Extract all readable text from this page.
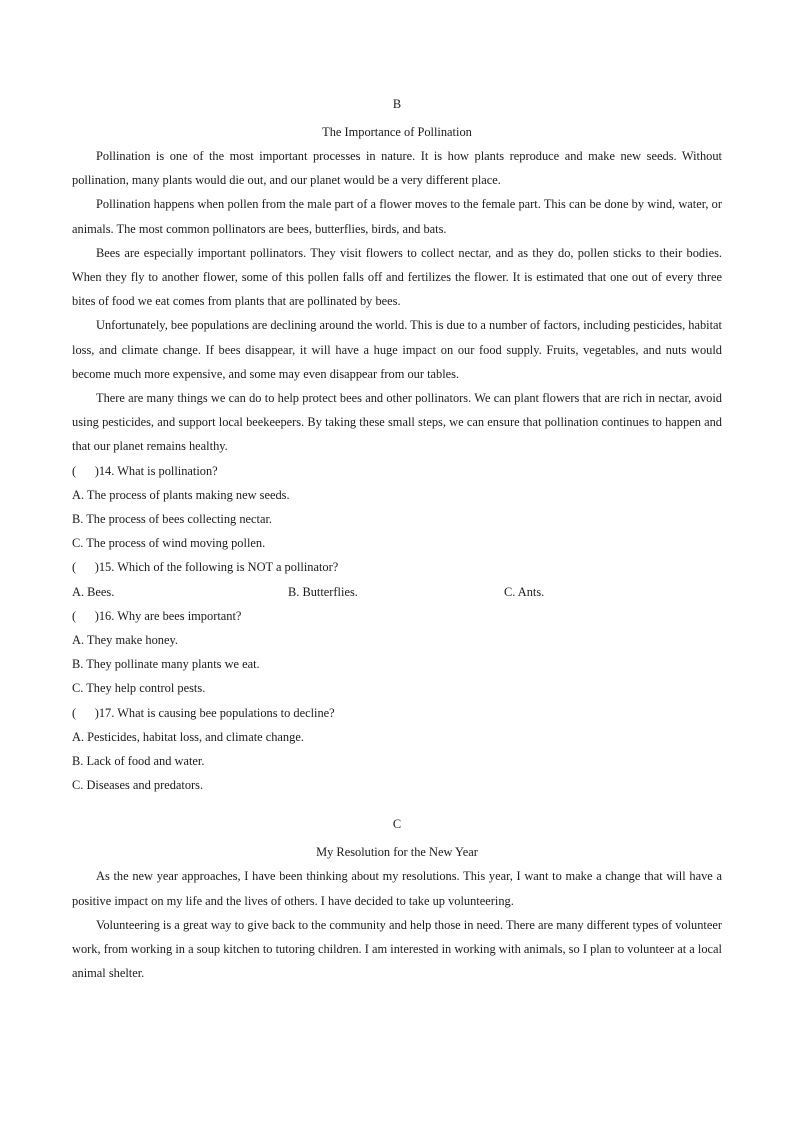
B

The Importance of Pollination

Pollination is one of the most important processes in nature. It is how plants reproduce and make new seeds. Without pollination, many plants would die out, and our planet would be a very different place.

Pollination happens when pollen from the male part of a flower moves to the female part. This can be done by wind, water, or animals. The most common pollinators are bees, butterflies, birds, and bats.

Bees are especially important pollinators. They visit flowers to collect nectar, and as they do, pollen sticks to their bodies. When they fly to another flower, some of this pollen falls off and fertilizes the flower. It is estimated that one out of every three bites of food we eat comes from plants that are pollinated by bees.

Unfortunately, bee populations are declining around the world. This is due to a number of factors, including pesticides, habitat loss, and climate change. If bees disappear, it will have a huge impact on our food supply. Fruits, vegetables, and nuts would become much more expensive, and some may even disappear from our tables.

There are many things we can do to help protect bees and other pollinators. We can plant flowers that are rich in nectar, avoid using pesticides, and support local beekeepers. By taking these small steps, we can ensure that pollination continues to happen and that our planet remains healthy.

(      )14. What is pollination?

A. The process of plants making new seeds.

B. The process of bees collecting nectar.

C. The process of wind moving pollen.

(      )15. Which of the following is NOT a pollinator?

A. Bees.	B. Butterflies.	C. Ants.

(      )16. Why are bees important?

A. They make honey.

B. They pollinate many plants we eat.

C. They help control pests.

(      )17. What is causing bee populations to decline?

A. Pesticides, habitat loss, and climate change.

B. Lack of food and water.

C. Diseases and predators.

C

My Resolution for the New Year

As the new year approaches, I have been thinking about my resolutions. This year, I want to make a change that will have a positive impact on my life and the lives of others. I have decided to take up volunteering.

Volunteering is a great way to give back to the community and help those in need. There are many different types of volunteer work, from working in a soup kitchen to tutoring children. I am interested in working with animals, so I plan to volunteer at a local animal shelter.
